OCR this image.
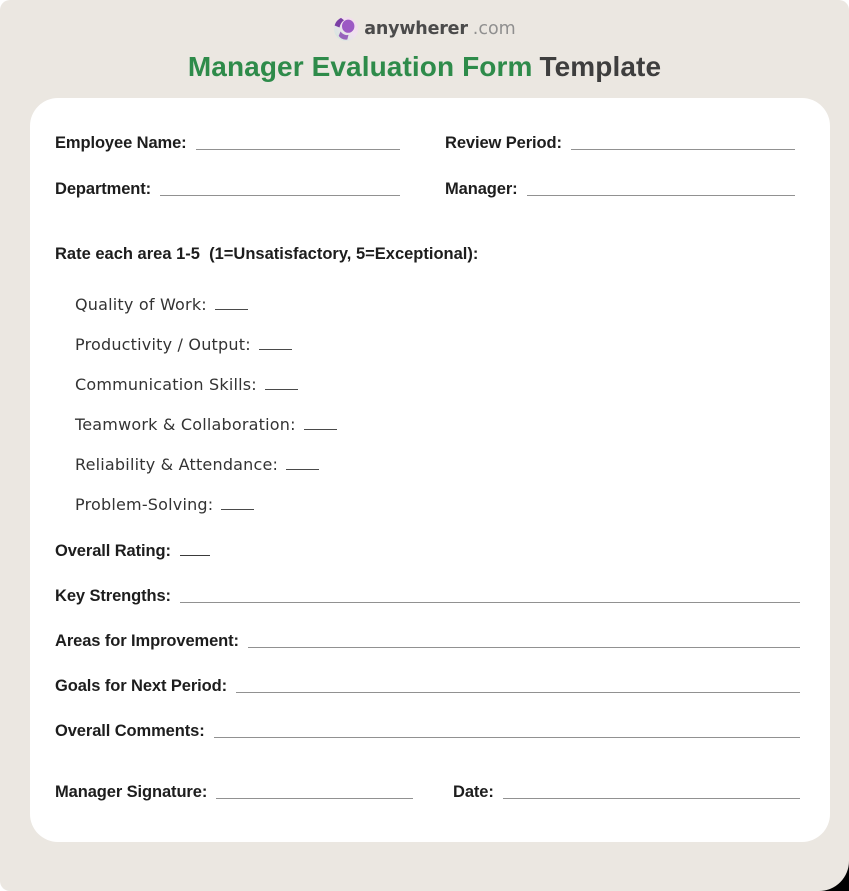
anywherer .com
Manager Evaluation Form Template
Employee Name:	Review Period:
Department:	Manager:
Rate each area 1-5  (1=Unsatisfactory, 5=Exceptional):
Quality of Work:
Productivity / Output:
Communication Skills:
Teamwork & Collaboration:
Reliability & Attendance:
Problem-Solving:
Overall Rating:
Key Strengths:
Areas for Improvement:
Goals for Next Period:
Overall Comments:
Manager Signature:	Date:
